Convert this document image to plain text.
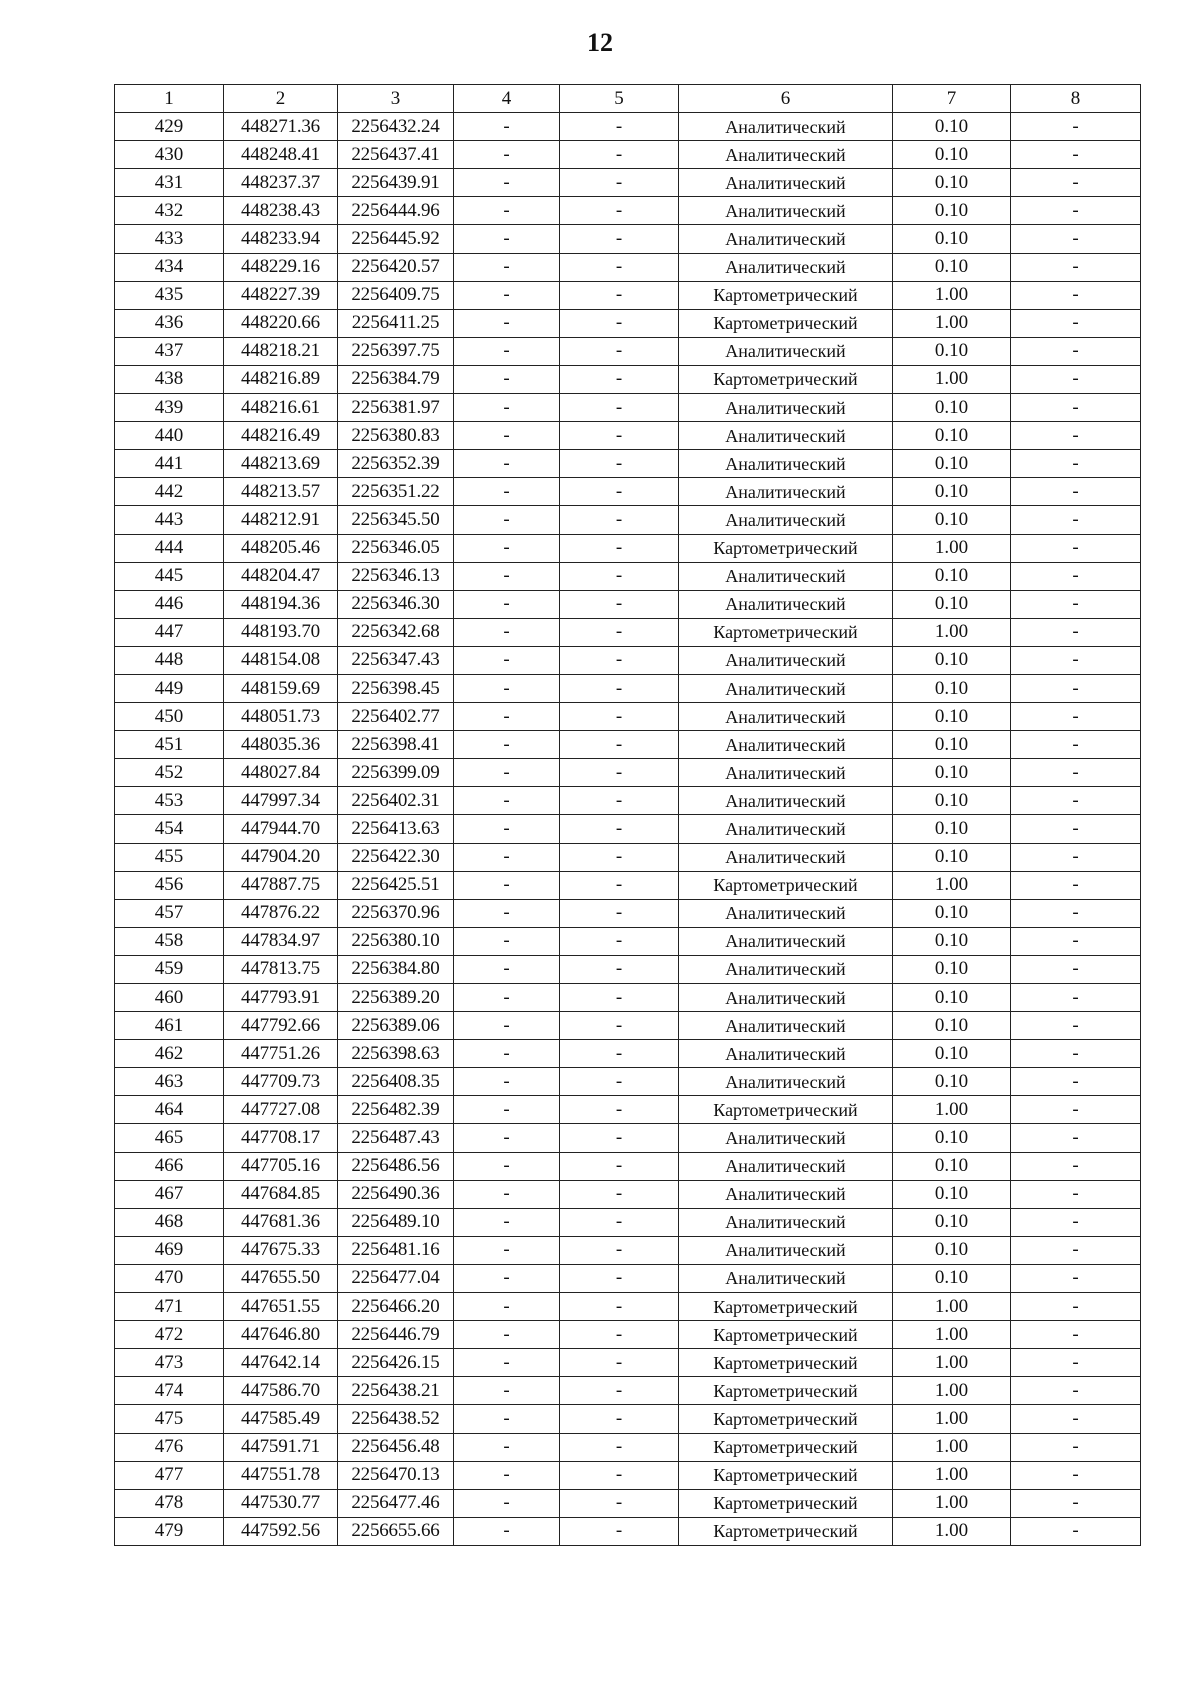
12
1	2	3	4	5	6	7	8
429	448271.36	2256432.24	-	-	Аналитический	0.10	-
430	448248.41	2256437.41	-	-	Аналитический	0.10	-
431	448237.37	2256439.91	-	-	Аналитический	0.10	-
432	448238.43	2256444.96	-	-	Аналитический	0.10	-
433	448233.94	2256445.92	-	-	Аналитический	0.10	-
434	448229.16	2256420.57	-	-	Аналитический	0.10	-
435	448227.39	2256409.75	-	-	Картометрический	1.00	-
436	448220.66	2256411.25	-	-	Картометрический	1.00	-
437	448218.21	2256397.75	-	-	Аналитический	0.10	-
438	448216.89	2256384.79	-	-	Картометрический	1.00	-
439	448216.61	2256381.97	-	-	Аналитический	0.10	-
440	448216.49	2256380.83	-	-	Аналитический	0.10	-
441	448213.69	2256352.39	-	-	Аналитический	0.10	-
442	448213.57	2256351.22	-	-	Аналитический	0.10	-
443	448212.91	2256345.50	-	-	Аналитический	0.10	-
444	448205.46	2256346.05	-	-	Картометрический	1.00	-
445	448204.47	2256346.13	-	-	Аналитический	0.10	-
446	448194.36	2256346.30	-	-	Аналитический	0.10	-
447	448193.70	2256342.68	-	-	Картометрический	1.00	-
448	448154.08	2256347.43	-	-	Аналитический	0.10	-
449	448159.69	2256398.45	-	-	Аналитический	0.10	-
450	448051.73	2256402.77	-	-	Аналитический	0.10	-
451	448035.36	2256398.41	-	-	Аналитический	0.10	-
452	448027.84	2256399.09	-	-	Аналитический	0.10	-
453	447997.34	2256402.31	-	-	Аналитический	0.10	-
454	447944.70	2256413.63	-	-	Аналитический	0.10	-
455	447904.20	2256422.30	-	-	Аналитический	0.10	-
456	447887.75	2256425.51	-	-	Картометрический	1.00	-
457	447876.22	2256370.96	-	-	Аналитический	0.10	-
458	447834.97	2256380.10	-	-	Аналитический	0.10	-
459	447813.75	2256384.80	-	-	Аналитический	0.10	-
460	447793.91	2256389.20	-	-	Аналитический	0.10	-
461	447792.66	2256389.06	-	-	Аналитический	0.10	-
462	447751.26	2256398.63	-	-	Аналитический	0.10	-
463	447709.73	2256408.35	-	-	Аналитический	0.10	-
464	447727.08	2256482.39	-	-	Картометрический	1.00	-
465	447708.17	2256487.43	-	-	Аналитический	0.10	-
466	447705.16	2256486.56	-	-	Аналитический	0.10	-
467	447684.85	2256490.36	-	-	Аналитический	0.10	-
468	447681.36	2256489.10	-	-	Аналитический	0.10	-
469	447675.33	2256481.16	-	-	Аналитический	0.10	-
470	447655.50	2256477.04	-	-	Аналитический	0.10	-
471	447651.55	2256466.20	-	-	Картометрический	1.00	-
472	447646.80	2256446.79	-	-	Картометрический	1.00	-
473	447642.14	2256426.15	-	-	Картометрический	1.00	-
474	447586.70	2256438.21	-	-	Картометрический	1.00	-
475	447585.49	2256438.52	-	-	Картометрический	1.00	-
476	447591.71	2256456.48	-	-	Картометрический	1.00	-
477	447551.78	2256470.13	-	-	Картометрический	1.00	-
478	447530.77	2256477.46	-	-	Картометрический	1.00	-
479	447592.56	2256655.66	-	-	Картометрический	1.00	-
